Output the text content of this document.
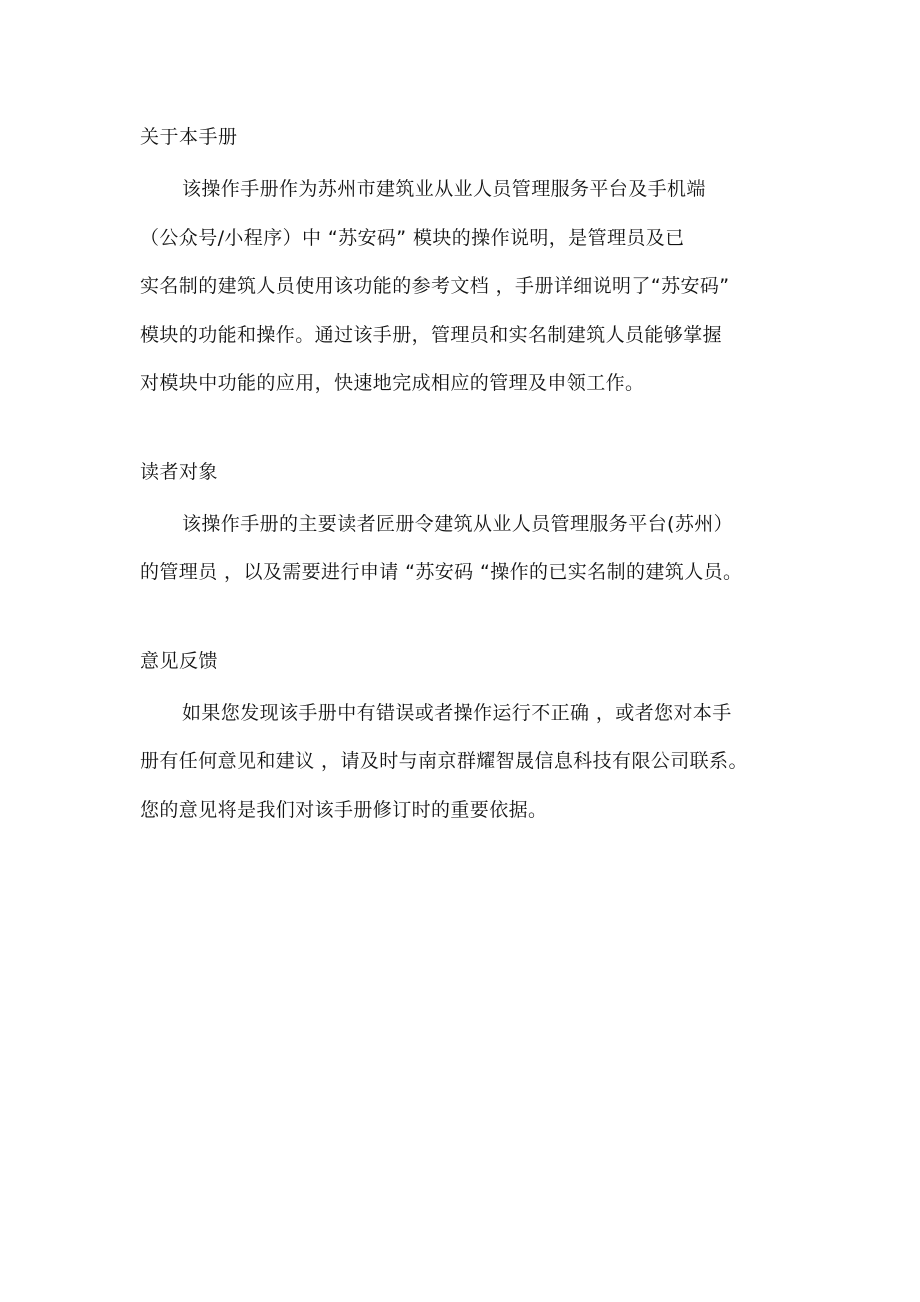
关于本手册
该操作手册作为苏州市建筑业从业人员管理服务平台及手机端
（公众号/小程序）中 “苏安码” 模块的操作说明，是管理员及已
实名制的建筑人员使用该功能的参考文档 ，手册详细说明了“苏安码”
模块的功能和操作。通过该手册，管理员和实名制建筑人员能够掌握
对模块中功能的应用，快速地完成相应的管理及申领工作。
读者对象
该操作手册的主要读者匠册令建筑从业人员管理服务平台(苏州）
的管理员 ，以及需要进行申请 “苏安码 “操作的已实名制的建筑人员。
意见反馈
如果您发现该手册中有错误或者操作运行不正确 ，或者您对本手
册有任何意见和建议 ，请及时与南京群耀智晟信息科技有限公司联系。
您的意见将是我们对该手册修订时的重要依据。
